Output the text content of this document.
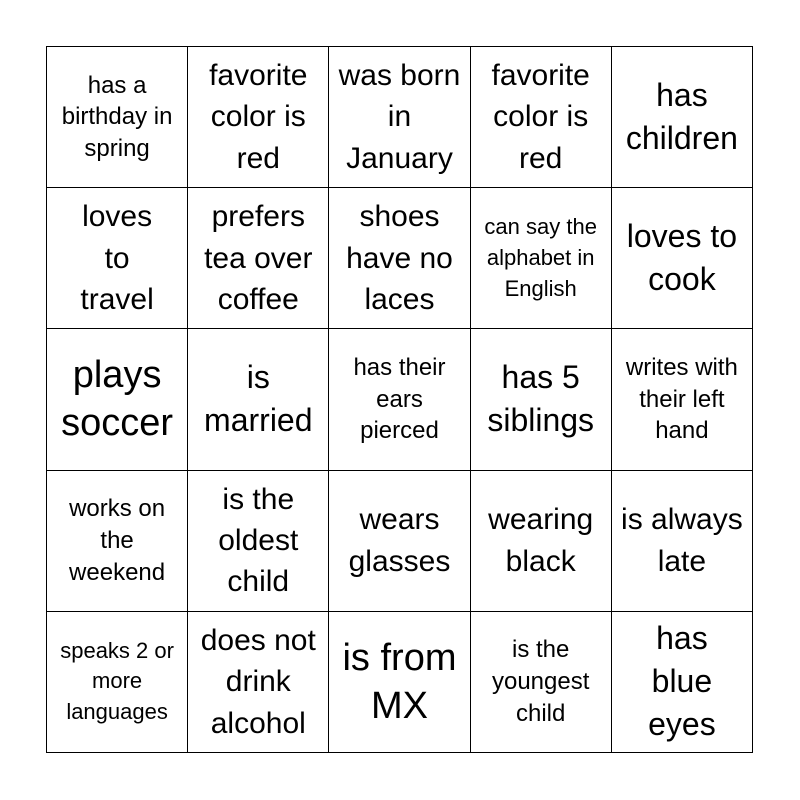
has a birthday in spring
favorite color is red
was born in January
favorite color is red
has children
loves to travel
prefers tea over coffee
shoes have no laces
can say the alphabet in English
loves to cook
plays soccer
is married
has their ears pierced
has 5 siblings
writes with their left hand
works on the weekend
is the oldest child
wears glasses
wearing black
is always late
speaks 2 or more languages
does not drink alcohol
is from MX
is the youngest child
has blue eyes
